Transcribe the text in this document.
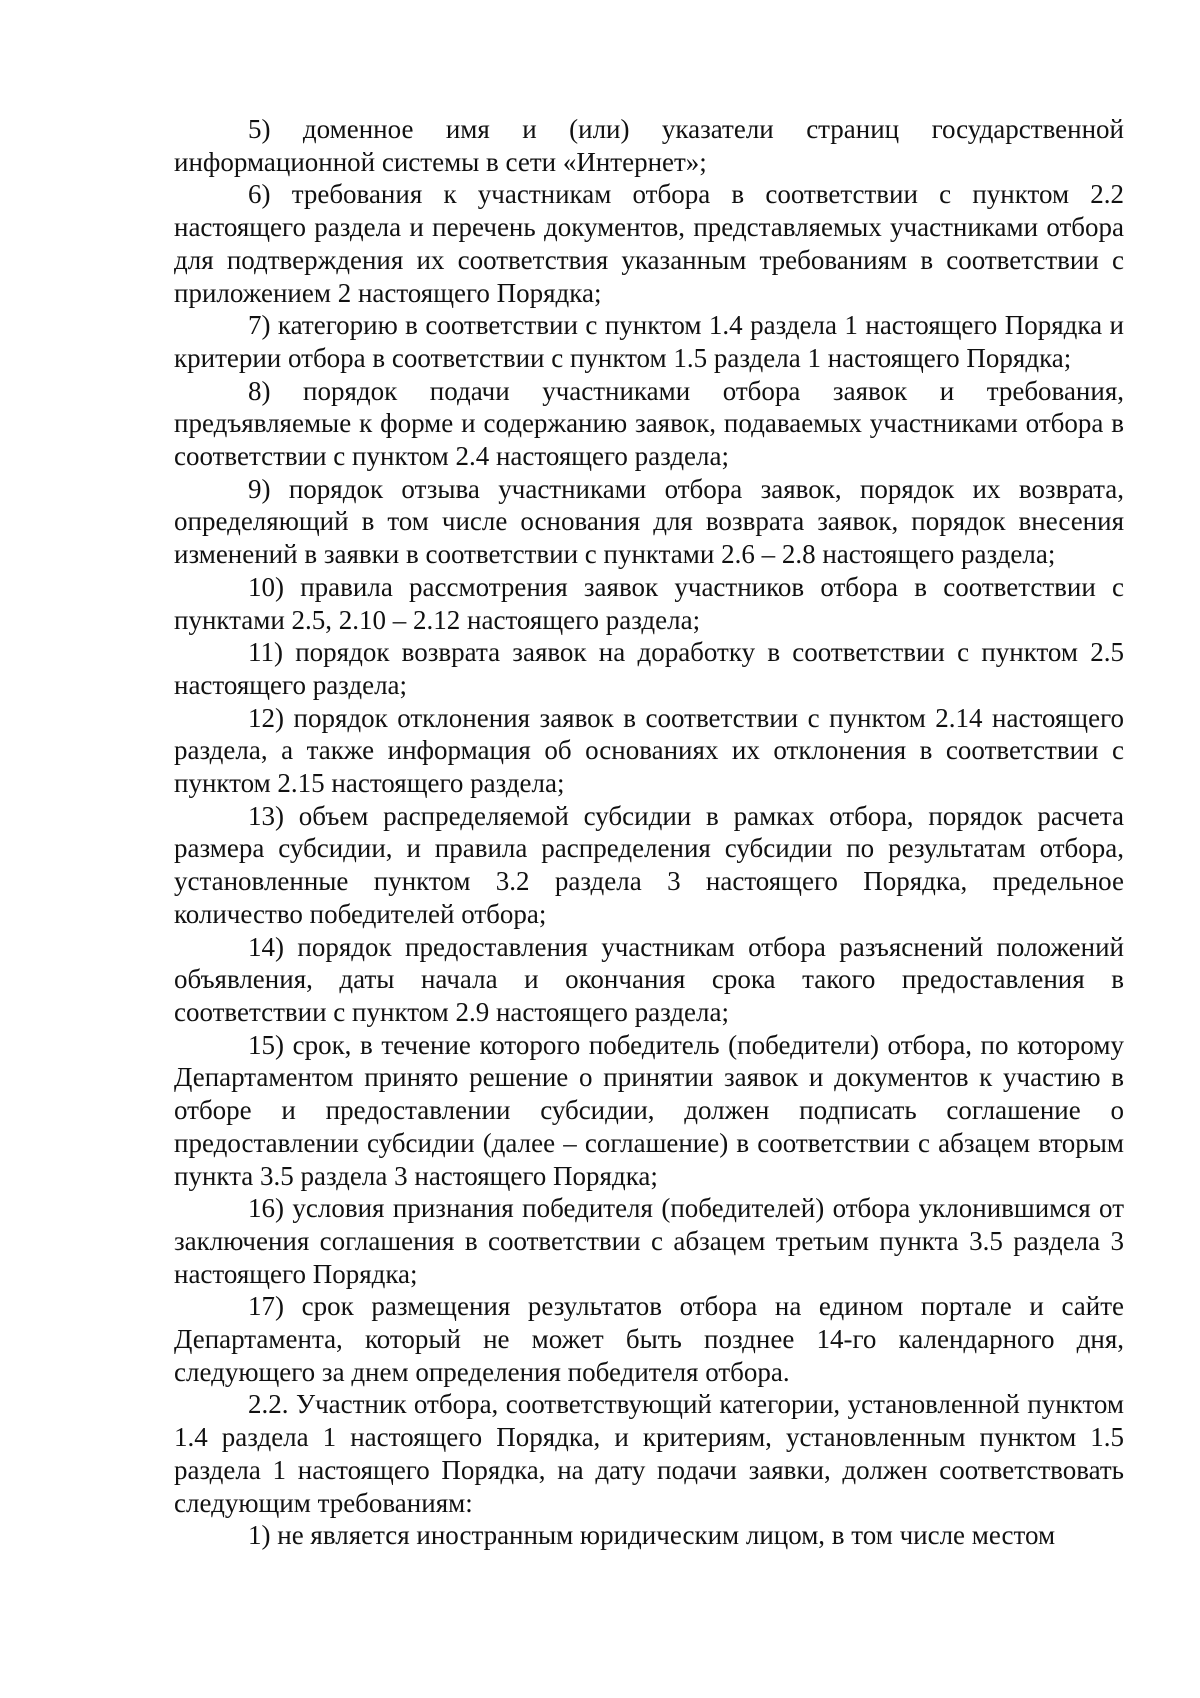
5) доменное имя и (или) указатели страниц государственной информационной системы в сети «Интернет»;

6) требования к участникам отбора в соответствии с пунктом 2.2 настоящего раздела и перечень документов, представляемых участниками отбора для подтверждения их соответствия указанным требованиям в соответствии с приложением 2 настоящего Порядка;

7) категорию в соответствии с пунктом 1.4 раздела 1 настоящего Порядка и критерии отбора в соответствии с пунктом 1.5 раздела 1 настоящего Порядка;

8) порядок подачи участниками отбора заявок и требования, предъявляемые к форме и содержанию заявок, подаваемых участниками отбора в соответствии с пунктом 2.4 настоящего раздела;

9) порядок отзыва участниками отбора заявок, порядок их возврата, определяющий в том числе основания для возврата заявок, порядок внесения изменений в заявки в соответствии с пунктами 2.6 – 2.8 настоящего раздела;

10) правила рассмотрения заявок участников отбора в соответствии с пунктами 2.5, 2.10 – 2.12 настоящего раздела;

11) порядок возврата заявок на доработку в соответствии с пунктом 2.5 настоящего раздела;

12) порядок отклонения заявок в соответствии с пунктом 2.14 настоящего раздела, а также информация об основаниях их отклонения в соответствии с пунктом 2.15 настоящего раздела;

13) объем распределяемой субсидии в рамках отбора, порядок расчета размера субсидии, и правила распределения субсидии по результатам отбора, установленные пунктом 3.2 раздела 3 настоящего Порядка, предельное количество победителей отбора;

14) порядок предоставления участникам отбора разъяснений положений объявления, даты начала и окончания срока такого предоставления в соответствии с пунктом 2.9 настоящего раздела;

15) срок, в течение которого победитель (победители) отбора, по которому Департаментом принято решение о принятии заявок и документов к участию в отборе и предоставлении субсидии, должен подписать соглашение о предоставлении субсидии (далее – соглашение) в соответствии с абзацем вторым пункта 3.5 раздела 3 настоящего Порядка;

16) условия признания победителя (победителей) отбора уклонившимся от заключения соглашения в соответствии с абзацем третьим пункта 3.5 раздела 3 настоящего Порядка;

17) срок размещения результатов отбора на едином портале и сайте Департамента, который не может быть позднее 14-го календарного дня, следующего за днем определения победителя отбора.

2.2. Участник отбора, соответствующий категории, установленной пунктом 1.4 раздела 1 настоящего Порядка, и критериям, установленным пунктом 1.5 раздела 1 настоящего Порядка, на дату подачи заявки, должен соответствовать следующим требованиям:

1) не является иностранным юридическим лицом, в том числе местом
